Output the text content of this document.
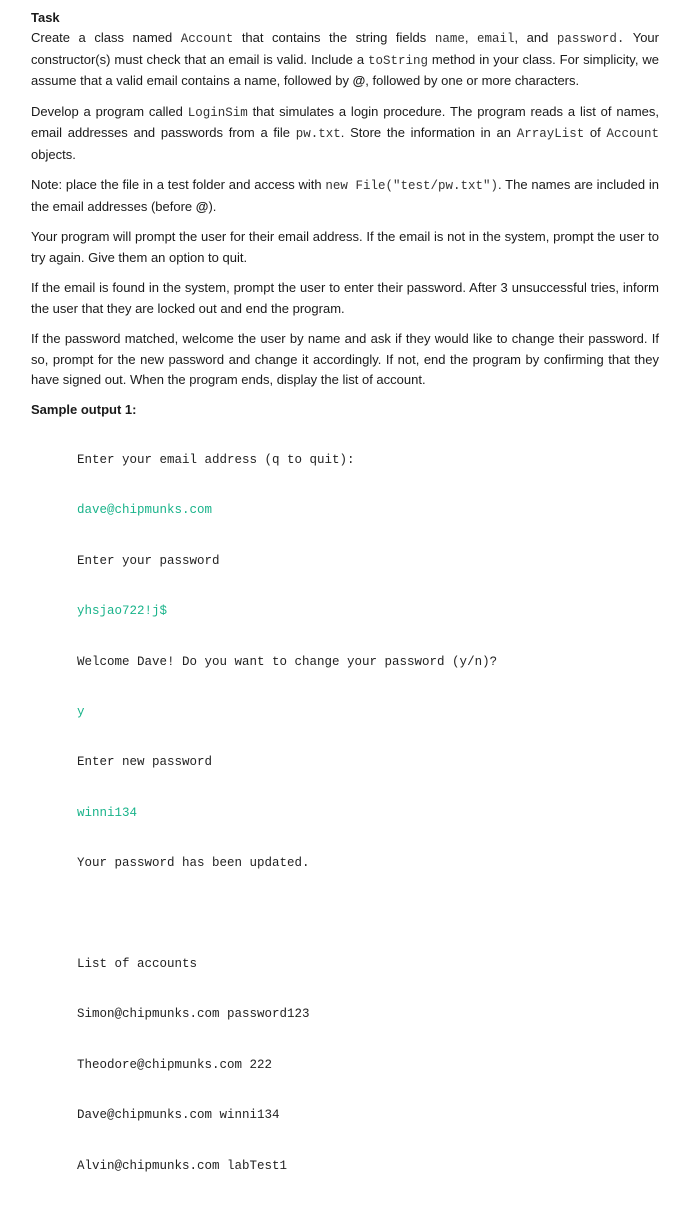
Task

Create a class named Account that contains the string fields name, email, and password. Your constructor(s) must check that an email is valid. Include a toString method in your class. For simplicity, we assume that a valid email contains a name, followed by @, followed by one or more characters.

Develop a program called LoginSim that simulates a login procedure. The program reads a list of names, email addresses and passwords from a file pw.txt. Store the information in an ArrayList of Account objects.

Note: place the file in a test folder and access with new File("test/pw.txt"). The names are included in the email addresses (before @).

Your program will prompt the user for their email address. If the email is not in the system, prompt the user to try again. Give them an option to quit.

If the email is found in the system, prompt the user to enter their password. After 3 unsuccessful tries, inform the user that they are locked out and end the program.

If the password matched, welcome the user by name and ask if they would like to change their password. If so, prompt for the new password and change it accordingly. If not, end the program by confirming that they have signed out. When the program ends, display the list of account.

Sample output 1:

Enter your email address (q to quit):

dave@chipmunks.com

Enter your password

yhsjao722!j$

Welcome Dave! Do you want to change your password (y/n)?

y

Enter new password

winni134

Your password has been updated.

List of accounts

Simon@chipmunks.com password123

Theodore@chipmunks.com 222

Dave@chipmunks.com winni134

Alvin@chipmunks.com labTest1
